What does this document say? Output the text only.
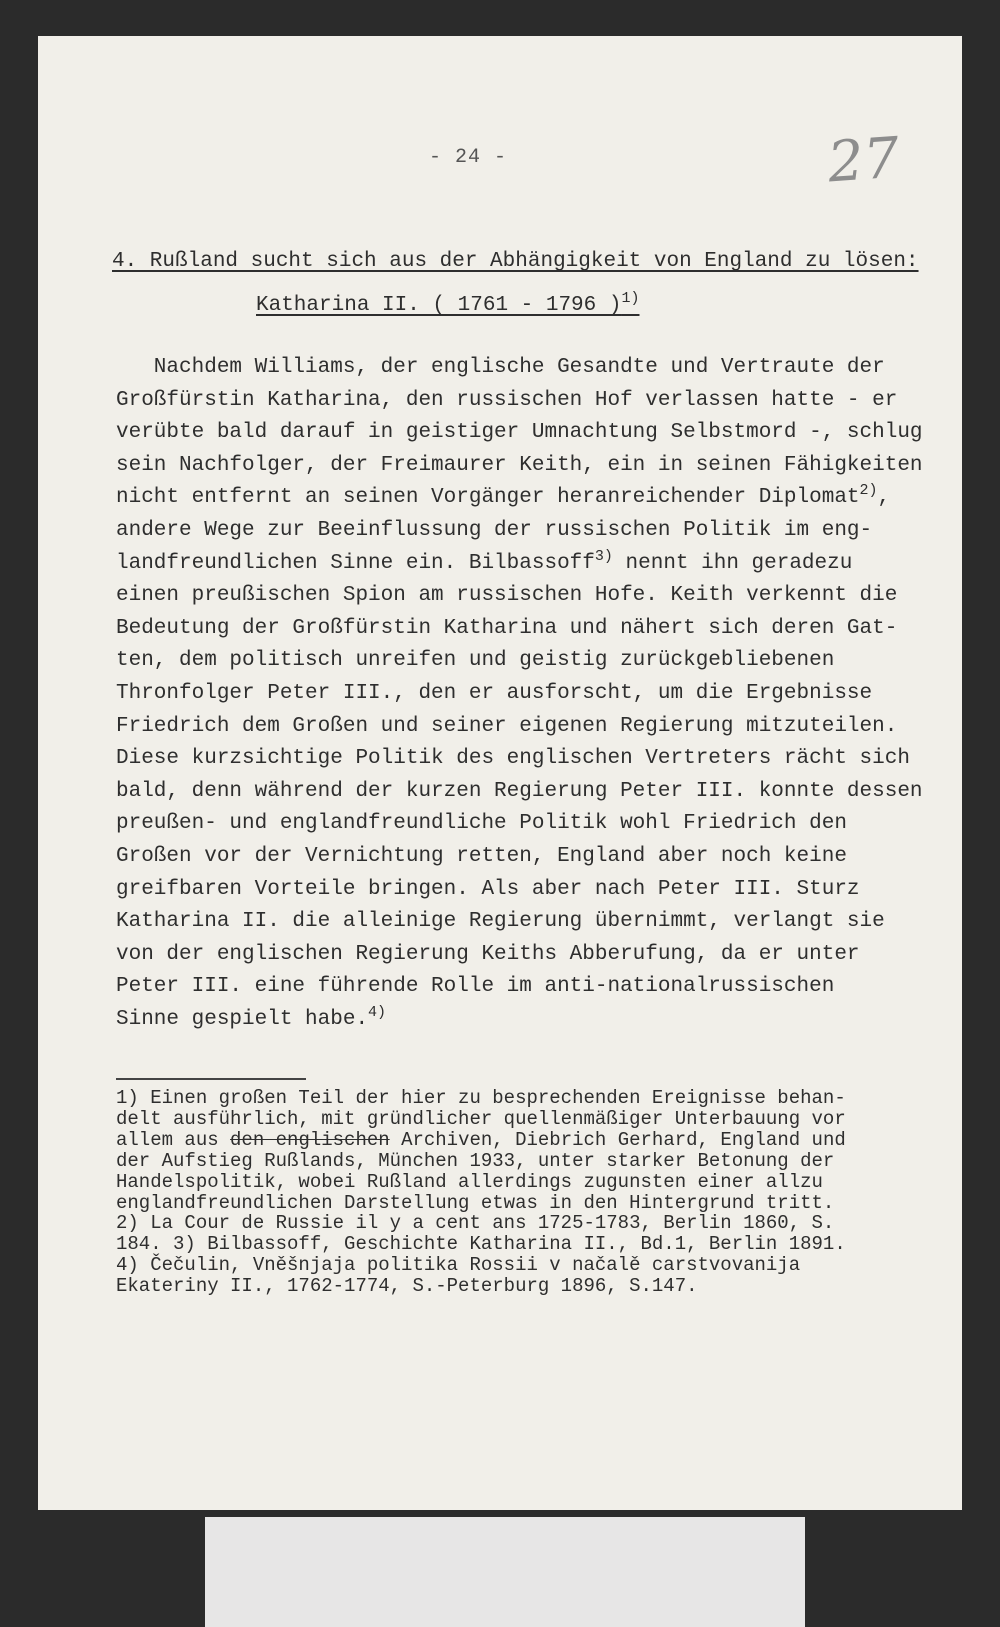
- 24 -	27
4. Rußland sucht sich aus der Abhängigkeit von England zu lösen:
Katharina II. ( 1761 - 1796 )$^{1)}$
Nachdem Williams, der englische Gesandte und Vertraute der
Großfürstin Katharina, den russischen Hof verlassen hatte - er
verübte bald darauf in geistiger Umnachtung Selbstmord -, schlug
sein Nachfolger, der Freimaurer Keith, ein in seinen Fähigkeiten
nicht entfernt an seinen Vorgänger heranreichender Diplomat$^{2)}$,
andere Wege zur Beeinflussung der russischen Politik im eng-
landfreundlichen Sinne ein. Bilbassoff$^{3)}$ nennt ihn geradezu
einen preußischen Spion am russischen Hofe. Keith verkennt die
Bedeutung der Großfürstin Katharina und nähert sich deren Gat-
ten, dem politisch unreifen und geistig zurückgebliebenen
Thronfolger Peter III., den er ausforscht, um die Ergebnisse
Friedrich dem Großen und seiner eigenen Regierung mitzuteilen.
Diese kurzsichtige Politik des englischen Vertreters rächt sich
bald, denn während der kurzen Regierung Peter III. konnte dessen
preußen- und englandfreundliche Politik wohl Friedrich den
Großen vor der Vernichtung retten, England aber noch keine
greifbaren Vorteile bringen. Als aber nach Peter III. Sturz
Katharina II. die alleinige Regierung übernimmt, verlangt sie
von der englischen Regierung Keiths Abberufung, da er unter
Peter III. eine führende Rolle im anti-nationalrussischen
Sinne gespielt habe.$^{4)}$
1) Einen großen Teil der hier zu besprechenden Ereignisse behan-
delt ausführlich, mit gründlicher quellenmäßiger Unterbauung vor
allem aus den englischen Archiven, Diebrich Gerhard, England und
der Aufstieg Rußlands, München 1933, unter starker Betonung der
Handelspolitik, wobei Rußland allerdings zugunsten einer allzu
englandfreundlichen Darstellung etwas in den Hintergrund tritt.
2) La Cour de Russie il y a cent ans 1725-1783, Berlin 1860, S.
184. 3) Bilbassoff, Geschichte Katharina II., Bd.1, Berlin 1891.
4) Čečulin, Vněšnjaja politika Rossii v načalě carstvovanija
Ekateriny II., 1762-1774, S.-Peterburg 1896, S.147.
